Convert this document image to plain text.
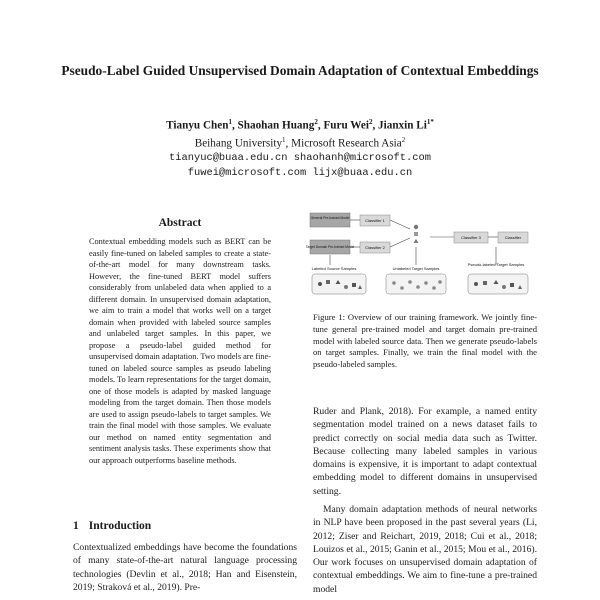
Pseudo-Label Guided Unsupervised Domain Adaptation of Contextual Embeddings
Tianyu Chen$^1$, Shaohan Huang$^2$, Furu Wei$^2$, Jianxin $Li^{1*}$
Beihang University$^1$, Microsoft Research Asia$^2$
tianyuc@buaa.edu.cn shaohanh@microsoft.com
fuwei@microsoft.com lijx@buaa.edu.cn
Abstract

Contextual embedding models such as BERT can be easily fine-tuned on labeled samples to create a state-of-the-art model for many downstream tasks. However, the fine-tuned BERT model suffers considerably from unlabeled data when applied to a different domain. In unsupervised domain adaptation, we aim to train a model that works well on a target domain when provided with labeled source samples and unlabeled target samples. In this paper, we propose a pseudo-label guided method for unsupervised domain adaptation. Two models are fine-tuned on labeled source samples as pseudo labeling models. To learn representations for the target domain, one of those models is adapted by masked language modeling from the target domain. Then those models are used to assign pseudo-labels to target samples. We train the final model with those samples. We evaluate our method on named entity segmentation and sentiment analysis tasks. These experiments show that our approach outperforms baseline methods.

1 Introduction

Contextualized embeddings have become the foundations of many state-of-the-art natural language processing technologies (Devlin et al., 2018; Han and Eisenstein, 2019; Straková et al., 2019). Pre-

General Pre-trained Model
Target Domain Pre-trained Model
Classifier 1
Classifier 2
Classifier 3	Classifier
Labeled Source Samples	Unlabeled Target Samples
Pseudo-labeled Target Samples

Figure 1: Overview of our training framework. We jointly fine-tune general pre-trained model and target domain pre-trained model with labeled source data. Then we generate pseudo-labels on target samples. Finally, we train the final model with the pseudo-labeled samples.

Ruder and Plank, 2018). For example, a named entity segmentation model trained on a news dataset fails to predict correctly on social media data such as Twitter. Because collecting many labeled samples in various domains is expensive, it is important to adapt contextual embedding model to different domains in unsupervised setting.

Many domain adaptation methods of neural networks in NLP have been proposed in the past several years (Li, 2012; Ziser and Reichart, 2019, 2018; Cui et al., 2018; Louizos et al., 2015; Ganin et al., 2015; Mou et al., 2016). Our work focuses on unsupervised domain adaptation of contextual embeddings. We aim to fine-tune a pre-trained model
